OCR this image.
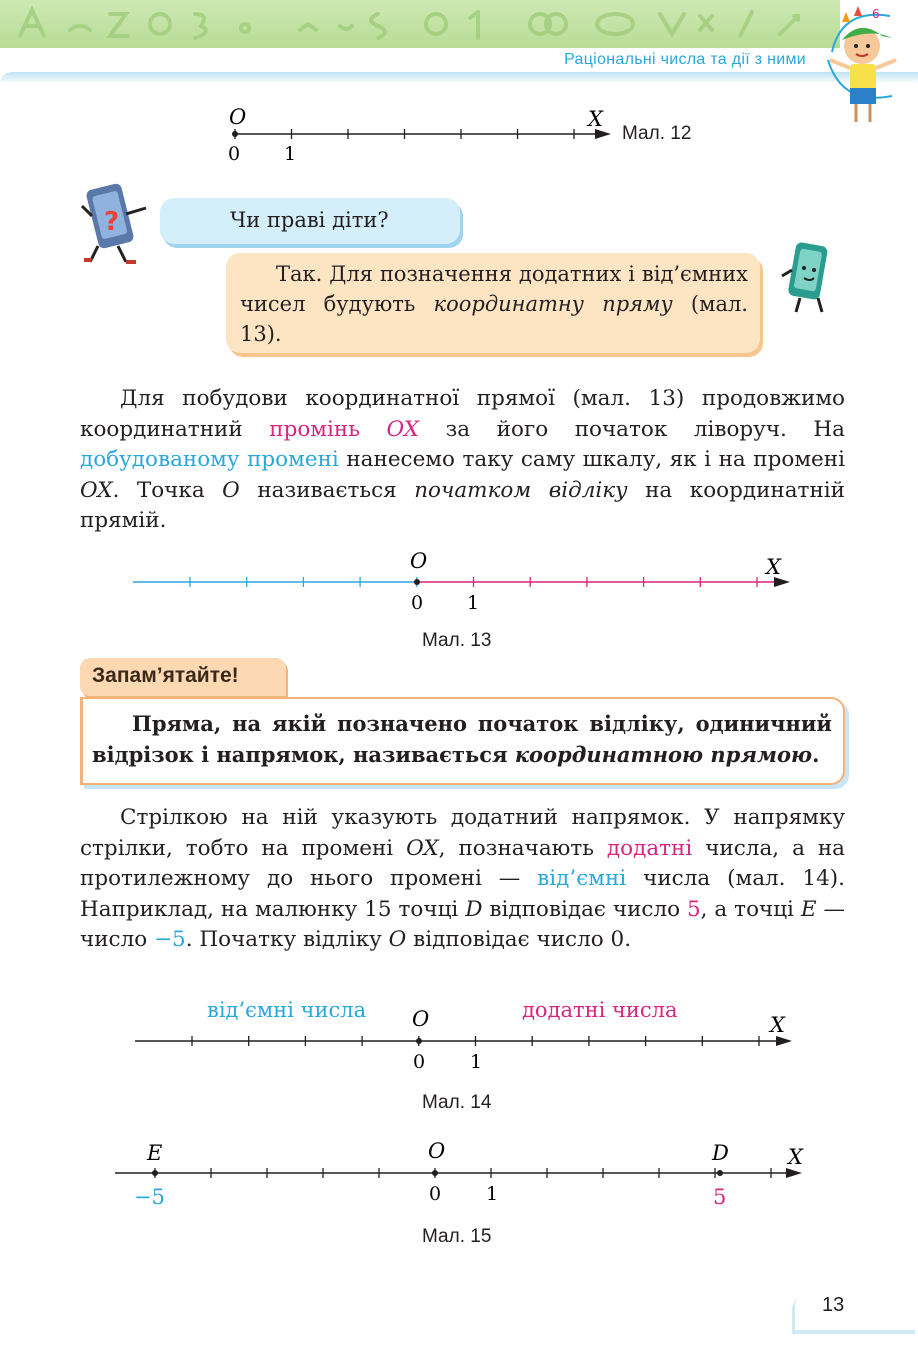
Раціональні числа та дії з ними
6
O	X
0 1
Мал. 12
?	Чи праві діти?
Так. Для позначення додатних і від’ємних чисел будують координатну пряму (мал. 13).

Для побудови координатної прямої (мал. 13) продовжимо координатний промінь OX за його початок ліворуч. На добудованому промені нанесемо таку саму шкалу, як і на промені OX. Точка O називається початком відліку на координатній прямій.

O	X
0 1
Мал. 13
Запам’ятайте!
Пряма, на якій позначено початок відліку, одиничний відрізок і напрямок, називається координатною прямою.

Стрілкою на ній указують додатний напрямок. У напрямку стрілки, тобто на промені OX, позначають додатні числа, а на протилежному до нього промені — від’ємні числа (мал. 14). Наприклад, на малюнку 15 точці D відповідає число 5, а точці E — число −5. Початку відліку O відповідає число 0.

від’ємні числа	додатні числа
O	X
0 1
Мал. 14
E	O	D	X
−5	0 1	5
Мал. 15
13
